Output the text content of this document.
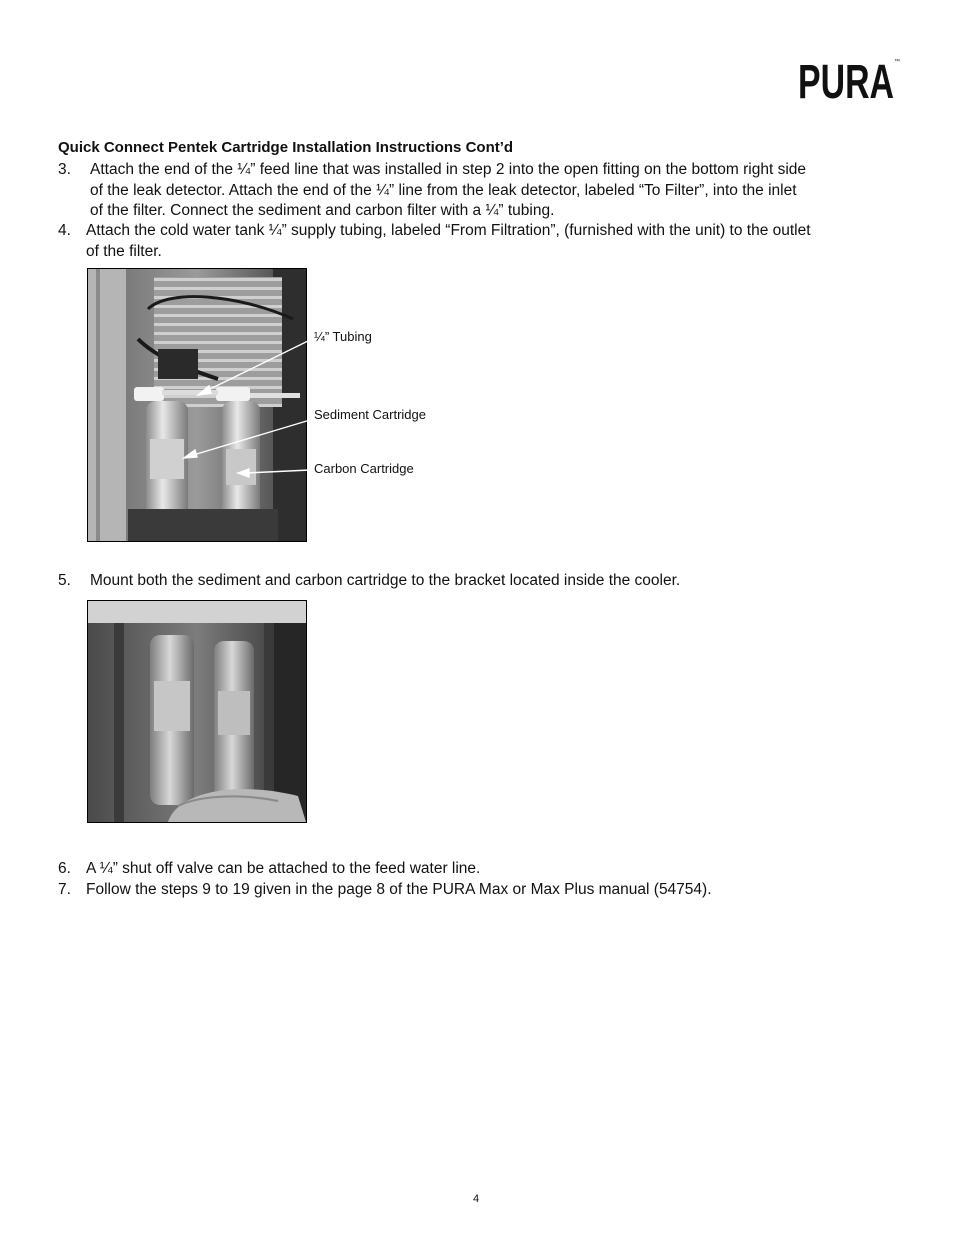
PURA ™
Quick Connect Pentek Cartridge Installation Instructions Cont’d
3. Attach the end of the ¼” feed line that was installed in step 2 into the open fitting on the bottom right side
of the leak detector. Attach the end of the ¼” line from the leak detector, labeled “To Filter”, into the inlet
of the filter. Connect the sediment and carbon filter with a ¼” tubing.
4. Attach the cold water tank ¼” supply tubing, labeled “From Filtration”, (furnished with the unit) to the outlet
of the filter.
¼” Tubing
Sediment Cartridge
Carbon Cartridge
5. Mount both the sediment and carbon cartridge to the bracket located inside the cooler.
6. A ¼” shut off valve can be attached to the feed water line.
7. Follow the steps 9 to 19 given in the page 8 of the PURA Max or Max Plus manual (54754).
4
